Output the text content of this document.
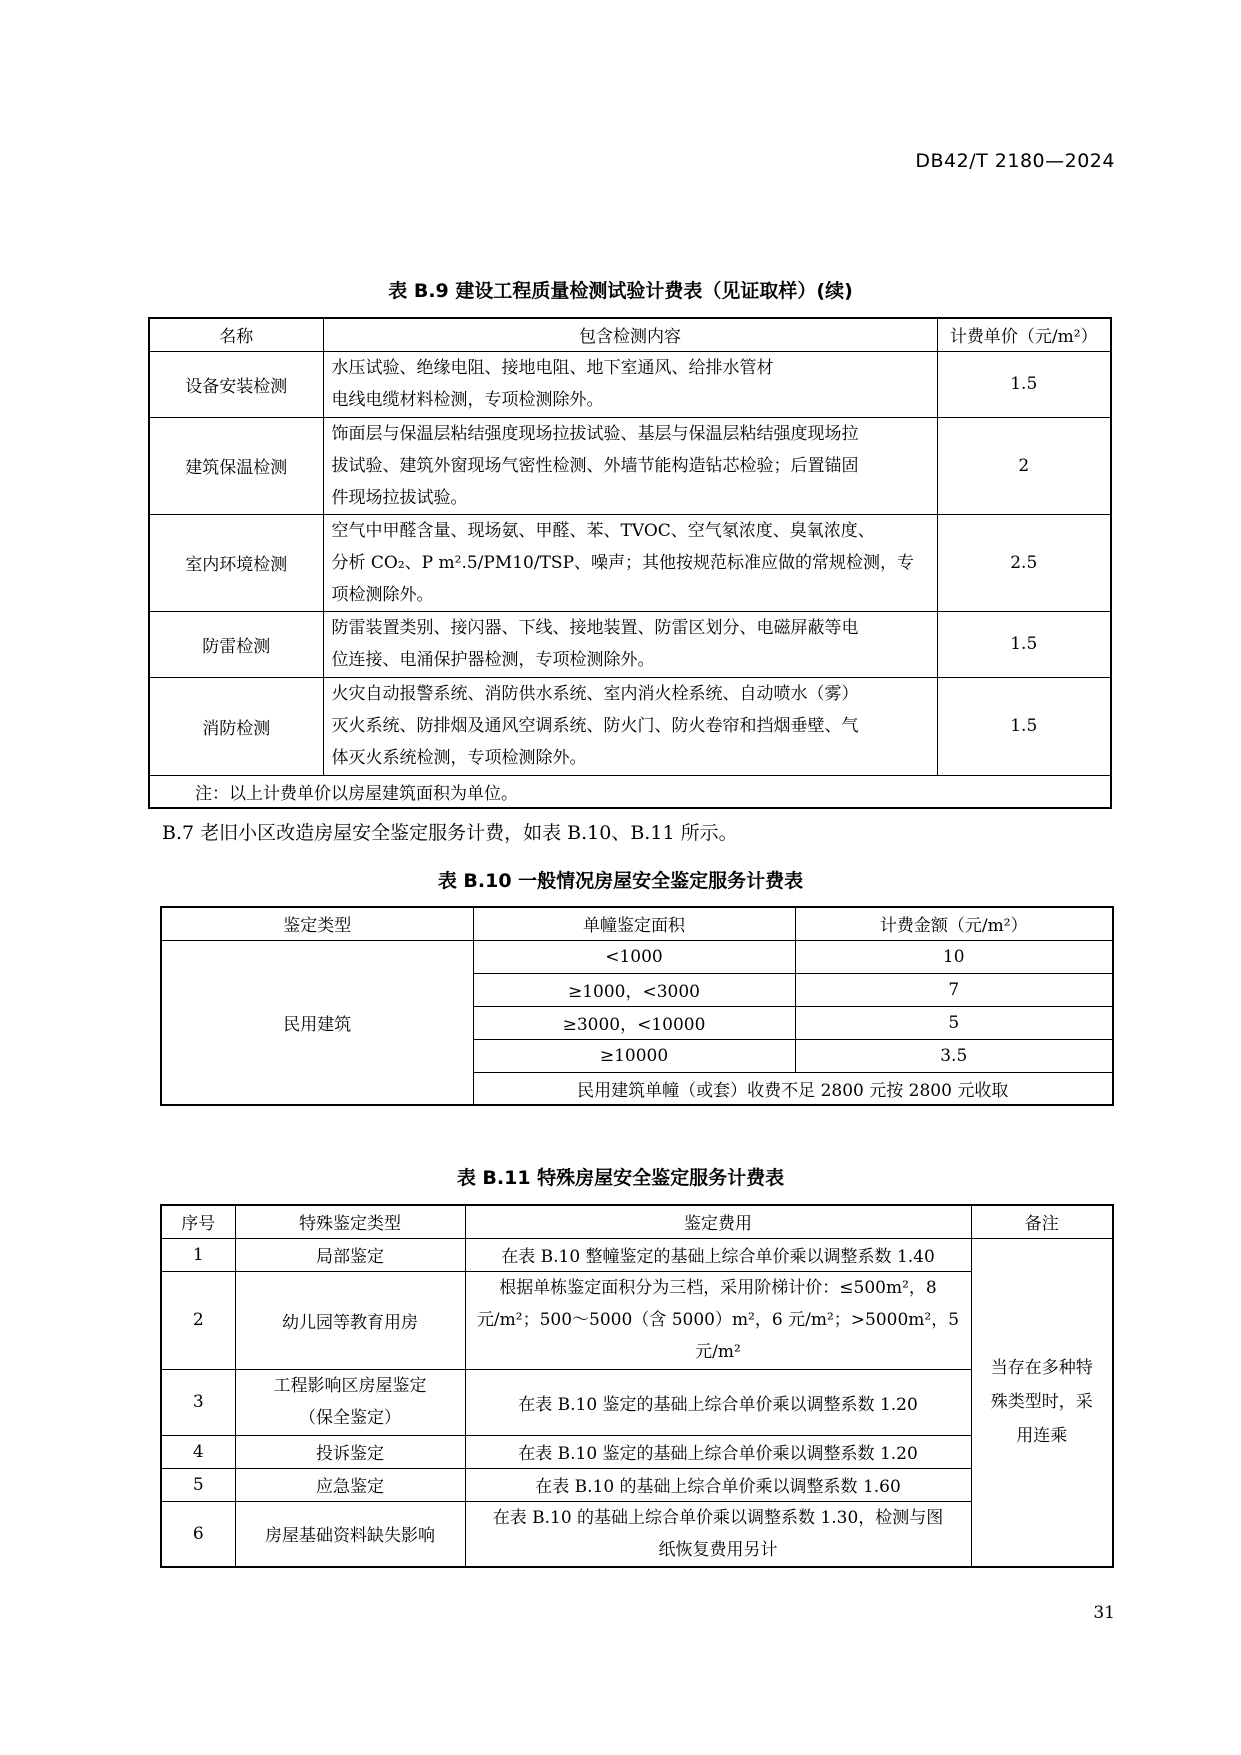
DB42/T 2180—2024
表 B.9 建设工程质量检测试验计费表（见证取样）(续)
名称	包含检测内容	计费单价（元/m²）
设备安装检测	水压试验、绝缘电阻、接地电阻、地下室通风、给排水管材
电线电缆材料检测，专项检测除外。	1.5
建筑保温检测	饰面层与保温层粘结强度现场拉拔试验、基层与保温层粘结强度现场拉
拔试验、建筑外窗现场气密性检测、外墙节能构造钻芯检验；后置锚固
件现场拉拔试验。	2
室内环境检测	空气中甲醛含量、现场氨、甲醛、苯、TVOC、空气氡浓度、臭氧浓度、
分析 CO₂、P m².5/PM10/TSP、噪声；其他按规范标准应做的常规检测，专
项检测除外。	2.5
防雷检测	防雷装置类别、接闪器、下线、接地装置、防雷区划分、电磁屏蔽等电
位连接、电涌保护器检测，专项检测除外。	1.5
消防检测	火灾自动报警系统、消防供水系统、室内消火栓系统、自动喷水（雾）
灭火系统、防排烟及通风空调系统、防火门、防火卷帘和挡烟垂壁、气
体灭火系统检测，专项检测除外。	1.5
注：以上计费单价以房屋建筑面积为单位。		
B.7 老旧小区改造房屋安全鉴定服务计费，如表 B.10、B.11 所示。
表 B.10 一般情况房屋安全鉴定服务计费表
鉴定类型	单幢鉴定面积	计费金额（元/m²）
民用建筑	<1000	10
	≥1000，<3000	7
	≥3000，<10000	5
	≥10000	3.5
	民用建筑单幢（或套）收费不足 2800 元按 2800 元收取	
表 B.11 特殊房屋安全鉴定服务计费表
序号	特殊鉴定类型	鉴定费用	备注
1	局部鉴定	在表 B.10 整幢鉴定的基础上综合单价乘以调整系数 1.40	当存在多种特
殊类型时，采
用连乘

2	幼儿园等教育用房	根据单栋鉴定面积分为三档，采用阶梯计价：≤500m²，8
元/m²；500～5000（含 5000）m²，6 元/m²；>5000m²，5
元/m²	

3	工程影响区房屋鉴定
（保全鉴定）	在表 B.10 鉴定的基础上综合单价乘以调整系数 1.20	
4	投诉鉴定	在表 B.10 鉴定的基础上综合单价乘以调整系数 1.20	
5	应急鉴定	在表 B.10 的基础上综合单价乘以调整系数 1.60	
6	房屋基础资料缺失影响	在表 B.10 的基础上综合单价乘以调整系数 1.30，检测与图
纸恢复费用另计	
31
